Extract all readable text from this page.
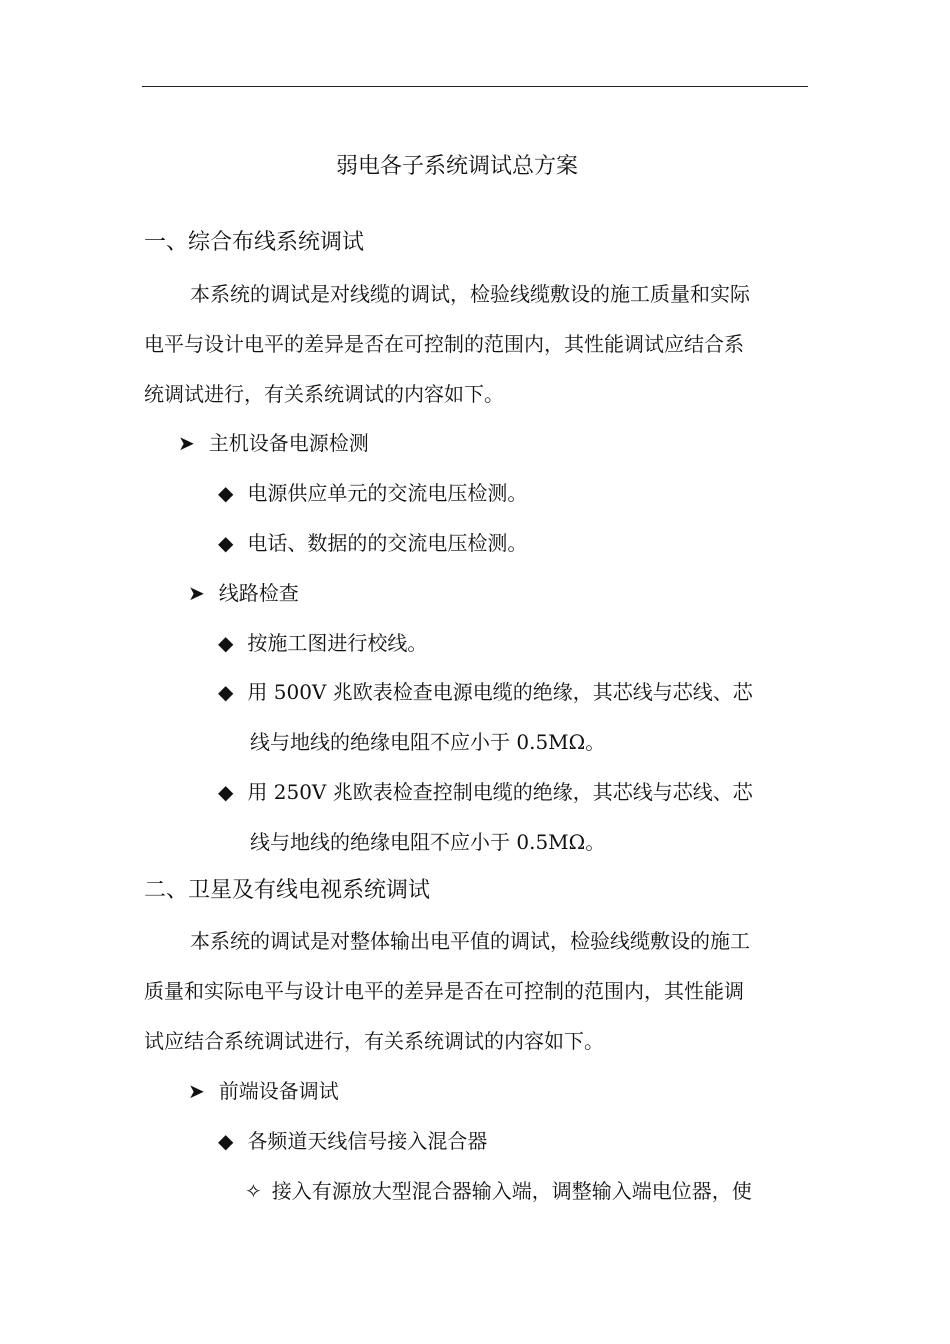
弱电各子系统调试总方案
一、综合布线系统调试
本系统的调试是对线缆的调试，检验线缆敷设的施工质量和实际
电平与设计电平的差异是否在可控制的范围内，其性能调试应结合系
统调试进行，有关系统调试的内容如下。
➤ 主机设备电源检测
◆ 电源供应单元的交流电压检测。
◆ 电话、数据的的交流电压检测。
➤ 线路检查
◆ 按施工图进行校线。
◆ 用 500V 兆欧表检查电源电缆的绝缘，其芯线与芯线、芯
线与地线的绝缘电阻不应小于 0.5MΩ。
◆ 用 250V 兆欧表检查控制电缆的绝缘，其芯线与芯线、芯
线与地线的绝缘电阻不应小于 0.5MΩ。
二、卫星及有线电视系统调试
本系统的调试是对整体输出电平值的调试，检验线缆敷设的施工
质量和实际电平与设计电平的差异是否在可控制的范围内，其性能调
试应结合系统调试进行，有关系统调试的内容如下。
➤ 前端设备调试
◆ 各频道天线信号接入混合器
✧ 接入有源放大型混合器输入端，调整输入端电位器，使
